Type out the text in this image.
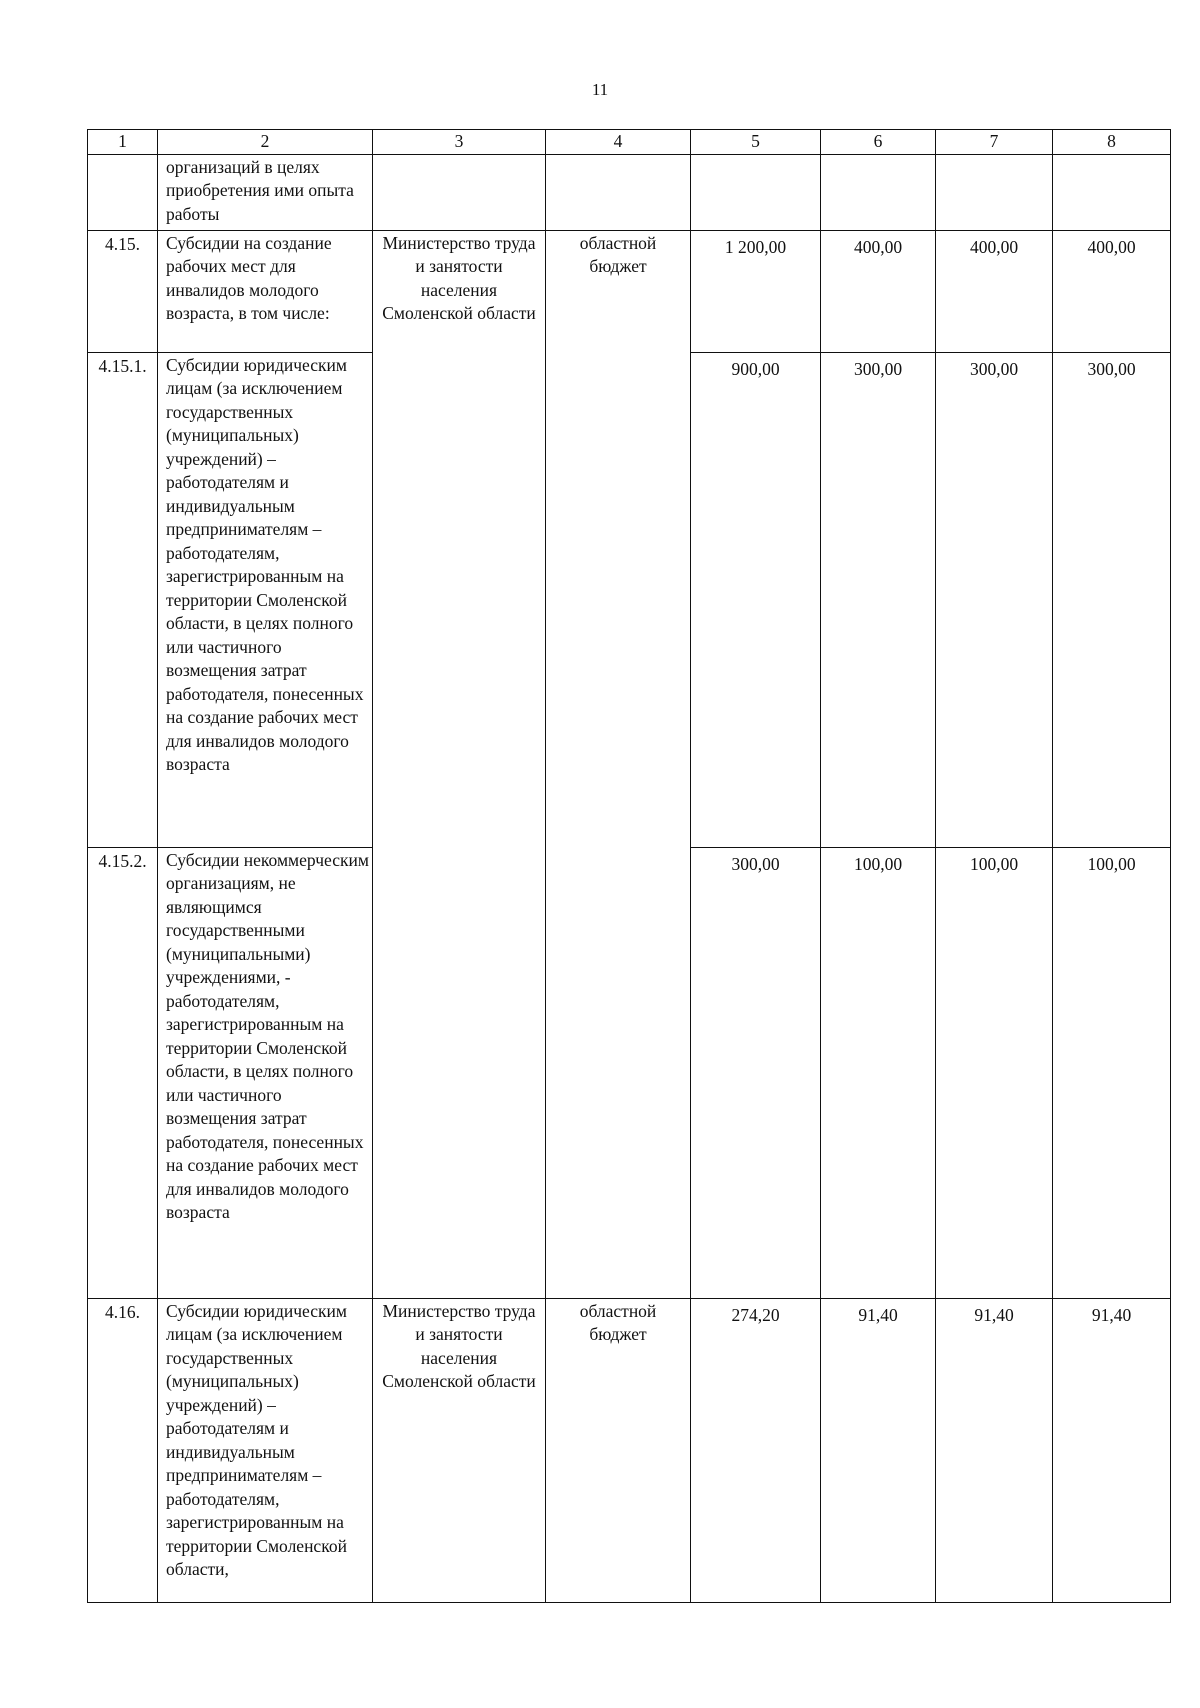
11
1	2	3	4	5	6	7	8
	организаций в целях приобретения ими опыта работы						
4.15.	Субсидии на создание рабочих мест для инвалидов молодого возраста, в том числе:	Министерство труда и занятости населения Смоленской области	областной бюджет	1 200,00	400,00	400,00	400,00
4.15.1.	Субсидии юридическим лицам (за исключением государственных (муниципальных) учреждений) – работодателям и индивидуальным предпринимателям – работодателям, зарегистрированным на территории Смоленской области, в целях полного или частичного возмещения затрат работодателя, понесенных на создание рабочих мест для инвалидов молодого возраста			900,00	300,00	300,00	300,00
4.15.2.	Субсидии некоммерческим организациям, не являющимся государственными (муниципальными) учреждениями, - работодателям, зарегистрированным на территории Смоленской области, в целях полного или частичного возмещения затрат работодателя, понесенных на создание рабочих мест для инвалидов молодого возраста			300,00	100,00	100,00	100,00
4.16.	Субсидии юридическим лицам (за исключением государственных (муниципальных) учреждений) – работодателям и индивидуальным предпринимателям – работодателям, зарегистрированным на территории Смоленской области,	Министерство труда и занятости населения Смоленской области	областной бюджет	274,20	91,40	91,40	91,40
